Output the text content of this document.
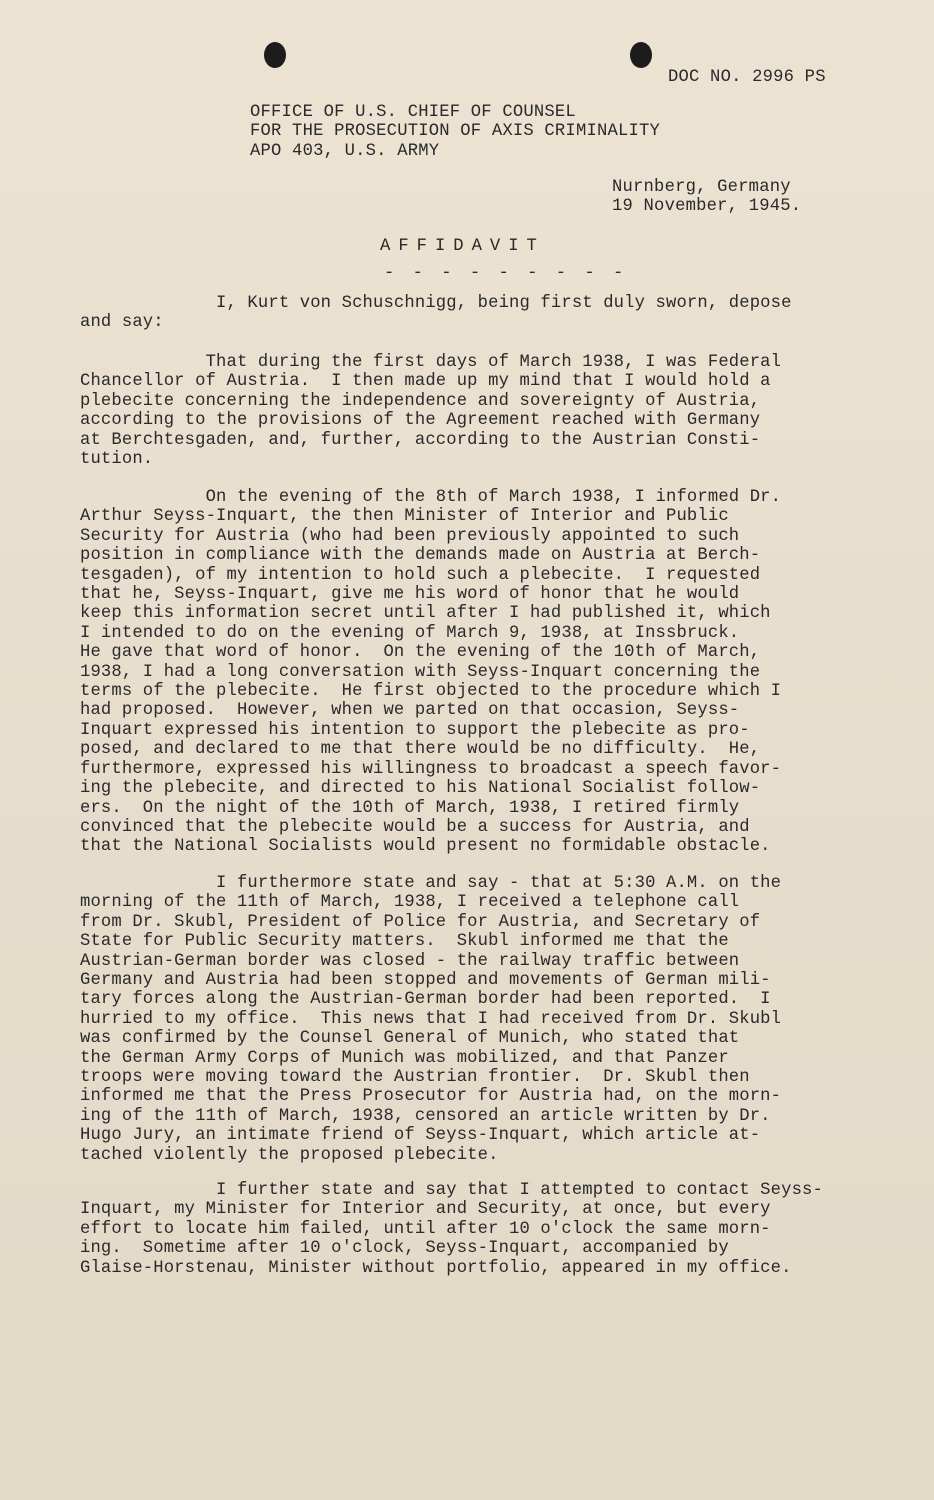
DOC NO. 2996 PS
OFFICE OF U.S. CHIEF OF COUNSEL
FOR THE PROSECUTION OF AXIS CRIMINALITY
APO 403, U.S. ARMY
Nurnberg, Germany
19 November, 1945.
AFFIDAVIT
- - - - - - - - -
I, Kurt von Schuschnigg, being first duly sworn, depose
and say:
That during the first days of March 1938, I was Federal
Chancellor of Austria.  I then made up my mind that I would hold a
plebecite concerning the independence and sovereignty of Austria,
according to the provisions of the Agreement reached with Germany
at Berchtesgaden, and, further, according to the Austrian Consti-
tution.
On the evening of the 8th of March 1938, I informed Dr.
Arthur Seyss-Inquart, the then Minister of Interior and Public
Security for Austria (who had been previously appointed to such
position in compliance with the demands made on Austria at Berch-
tesgaden), of my intention to hold such a plebecite.  I requested
that he, Seyss-Inquart, give me his word of honor that he would
keep this information secret until after I had published it, which
I intended to do on the evening of March 9, 1938, at Inssbruck.
He gave that word of honor.  On the evening of the 10th of March,
1938, I had a long conversation with Seyss-Inquart concerning the
terms of the plebecite.  He first objected to the procedure which I
had proposed.  However, when we parted on that occasion, Seyss-
Inquart expressed his intention to support the plebecite as pro-
posed, and declared to me that there would be no difficulty.  He,
furthermore, expressed his willingness to broadcast a speech favor-
ing the plebecite, and directed to his National Socialist follow-
ers.  On the night of the 10th of March, 1938, I retired firmly
convinced that the plebecite would be a success for Austria, and
that the National Socialists would present no formidable obstacle.
I furthermore state and say - that at 5:30 A.M. on the
morning of the 11th of March, 1938, I received a telephone call
from Dr. Skubl, President of Police for Austria, and Secretary of
State for Public Security matters.  Skubl informed me that the
Austrian-German border was closed - the railway traffic between
Germany and Austria had been stopped and movements of German mili-
tary forces along the Austrian-German border had been reported.  I
hurried to my office.  This news that I had received from Dr. Skubl
was confirmed by the Counsel General of Munich, who stated that
the German Army Corps of Munich was mobilized, and that Panzer
troops were moving toward the Austrian frontier.  Dr. Skubl then
informed me that the Press Prosecutor for Austria had, on the morn-
ing of the 11th of March, 1938, censored an article written by Dr.
Hugo Jury, an intimate friend of Seyss-Inquart, which article at-
tached violently the proposed plebecite.
I further state and say that I attempted to contact Seyss-
Inquart, my Minister for Interior and Security, at once, but every
effort to locate him failed, until after 10 o'clock the same morn-
ing.  Sometime after 10 o'clock, Seyss-Inquart, accompanied by
Glaise-Horstenau, Minister without portfolio, appeared in my office.
